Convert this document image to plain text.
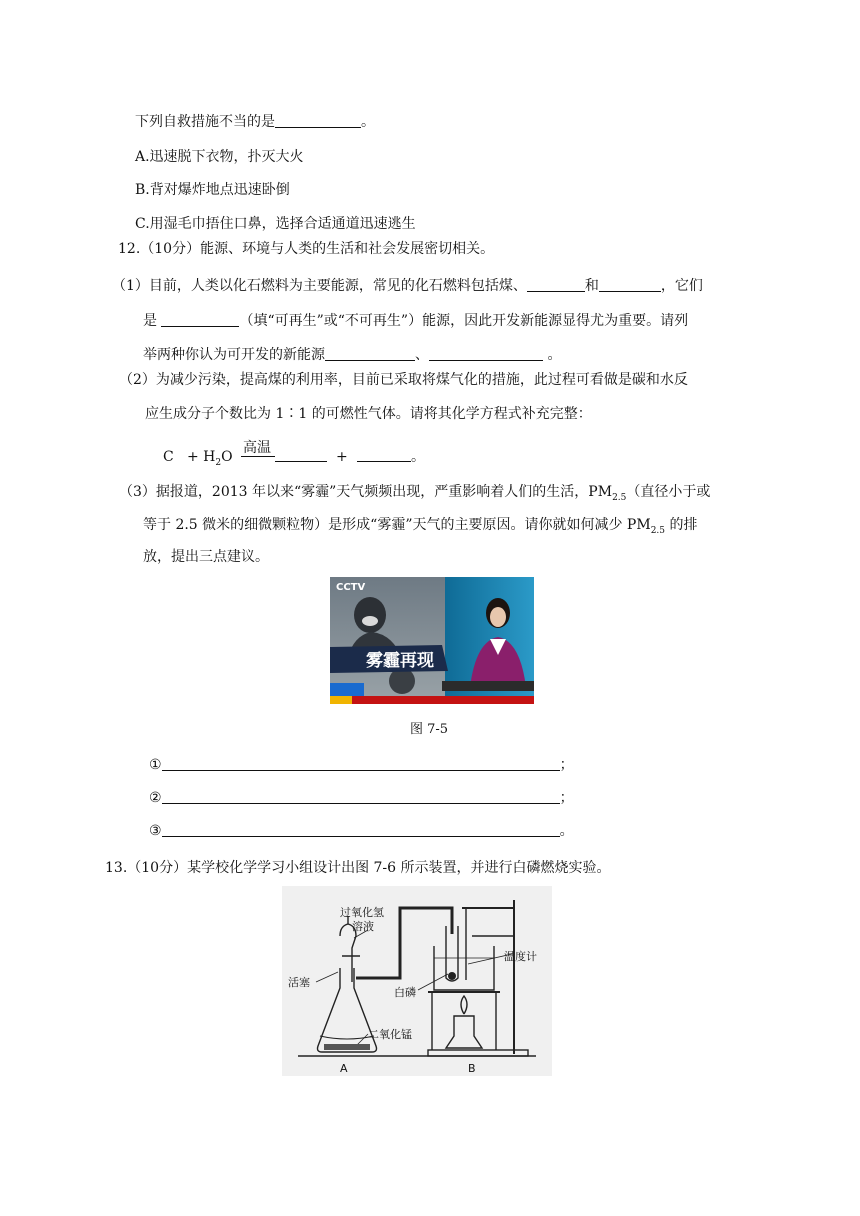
下列自救措施不当的是	。
A.迅速脱下衣物，扑灭大火
B.背对爆炸地点迅速卧倒
C.用湿毛巾捂住口鼻，选择合适通道迅速逃生
12.（10分）能源、环境与人类的生活和社会发展密切相关。
（1）目前，人类以化石燃料为主要能源，常见的化石燃料包括煤、	和	，它们
是	（填“可再生”或“不可再生”）能源，因此开发新能源显得尤为重要。请列
举两种你认为可开发的新能源	、	。
（2）为减少污染，提高煤的利用率，目前已采取将煤气化的措施，此过程可看做是碳和水反
应生成分子个数比为 1∶1 的可燃性气体。请将其化学方程式补充完整：
$C + H_2O$
高温
+	。
（3）据报道，2013 年以来“雾霾”天气频频出现，严重影响着人们的生活，$PM_{2.5}$（直径小于或
等于 2.5 微米的细微颗粒物）是形成“雾霾”天气的主要原因。请你就如何减少 $PM_{2.5}$ 的排
放，提出三点建议。
雾霾再现
CCTV
图 7-5
①	；
②	；
③	。
13.（10分）某学校化学学习小组设计出图 7-6 所示装置，并进行白磷燃烧实验。
过氧化氢
溶液
活塞
温度计
白磷
二氧化锰
A	B
